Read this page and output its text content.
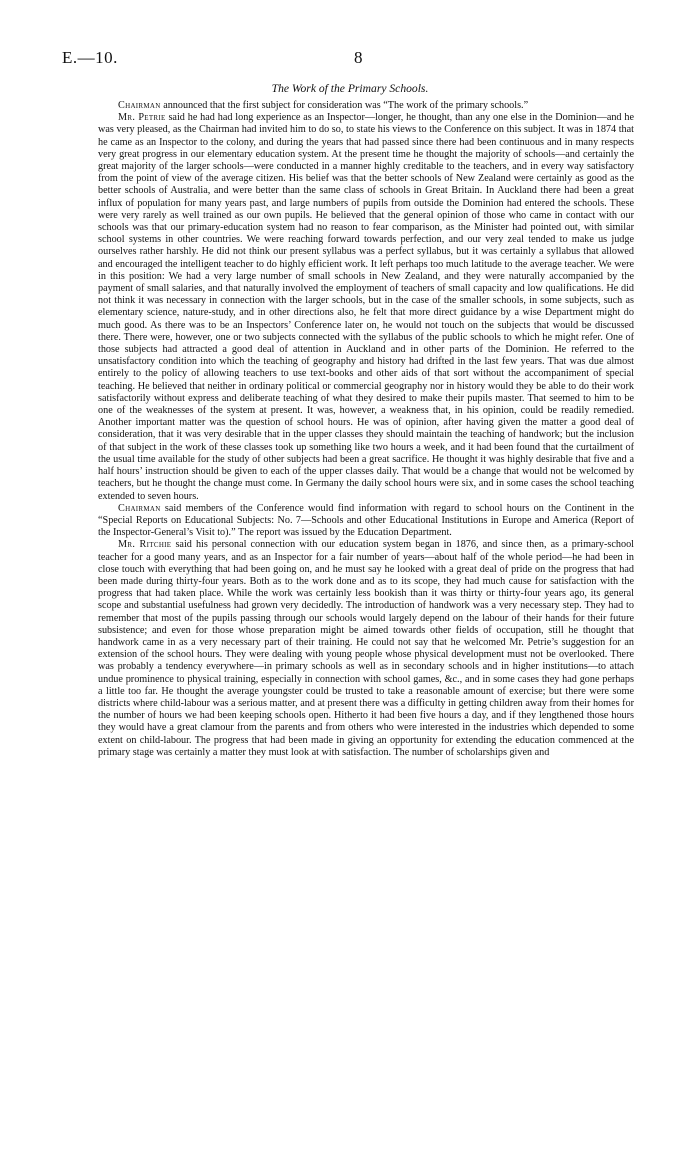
E.—10.	8
The Work of the Primary Schools.

Chairman announced that the first subject for consideration was “The work of the primary schools.”

Mr. Petrie said he had had long experience as an Inspector—longer, he thought, than any one else in the Dominion—and he was very pleased, as the Chairman had invited him to do so, to state his views to the Conference on this subject. It was in 1874 that he came as an Inspector to the colony, and during the years that had passed since there had been continuous and in many respects very great progress in our elementary education system. At the present time he thought the majority of schools—and certainly the great majority of the larger schools—were conducted in a manner highly creditable to the teachers, and in every way satisfactory from the point of view of the average citizen. His belief was that the better schools of New Zealand were certainly as good as the better schools of Australia, and were better than the same class of schools in Great Britain. In Auckland there had been a great influx of population for many years past, and large numbers of pupils from outside the Dominion had entered the schools. These were very rarely as well trained as our own pupils. He believed that the general opinion of those who came in contact with our schools was that our primary-education system had no reason to fear comparison, as the Minister had pointed out, with similar school systems in other countries. We were reaching forward towards perfection, and our very zeal tended to make us judge ourselves rather harshly. He did not think our present syllabus was a perfect syllabus, but it was certainly a syllabus that allowed and encouraged the intelligent teacher to do highly efficient work. It left perhaps too much latitude to the average teacher. We were in this position: We had a very large number of small schools in New Zealand, and they were naturally accompanied by the payment of small salaries, and that naturally involved the employment of teachers of small capacity and low qualifications. He did not think it was necessary in connection with the larger schools, but in the case of the smaller schools, in some subjects, such as elementary science, nature-study, and in other directions also, he felt that more direct guidance by a wise Department might do much good. As there was to be an Inspectors’ Conference later on, he would not touch on the subjects that would be discussed there. There were, however, one or two subjects connected with the syllabus of the public schools to which he might refer. One of those subjects had attracted a good deal of attention in Auckland and in other parts of the Dominion. He referred to the unsatisfactory condition into which the teaching of geography and history had drifted in the last few years. That was due almost entirely to the policy of allowing teachers to use text-books and other aids of that sort without the accompaniment of special teaching. He believed that neither in ordinary political or commercial geography nor in history would they be able to do their work satisfactorily without express and deliberate teaching of what they desired to make their pupils master. That seemed to him to be one of the weaknesses of the system at present. It was, however, a weakness that, in his opinion, could be readily remedied. Another important matter was the question of school hours. He was of opinion, after having given the matter a good deal of consideration, that it was very desirable that in the upper classes they should maintain the teaching of handwork; but the inclusion of that subject in the work of these classes took up something like two hours a week, and it had been found that the curtailment of the usual time available for the study of other subjects had been a great sacrifice. He thought it was highly desirable that five and a half hours’ instruction should be given to each of the upper classes daily. That would be a change that would not be welcomed by teachers, but he thought the change must come. In Germany the daily school hours were six, and in some cases the school teaching extended to seven hours.

Chairman said members of the Conference would find information with regard to school hours on the Continent in the “Special Reports on Educational Subjects: No. 7—Schools and other Educational Institutions in Europe and America (Report of the Inspector-General’s Visit to).” The report was issued by the Education Department.

Mr. Ritchie said his personal connection with our education system began in 1876, and since then, as a primary-school teacher for a good many years, and as an Inspector for a fair number of years—about half of the whole period—he had been in close touch with everything that had been going on, and he must say he looked with a great deal of pride on the progress that had been made during thirty-four years. Both as to the work done and as to its scope, they had much cause for satisfaction with the progress that had taken place. While the work was certainly less bookish than it was thirty or thirty-four years ago, its general scope and substantial usefulness had grown very decidedly. The introduction of handwork was a very necessary step. They had to remember that most of the pupils passing through our schools would largely depend on the labour of their hands for their future subsistence; and even for those whose preparation might be aimed towards other fields of occupation, still he thought that handwork came in as a very necessary part of their training. He could not say that he welcomed Mr. Petrie’s suggestion for an extension of the school hours. They were dealing with young people whose physical development must not be overlooked. There was probably a tendency everywhere—in primary schools as well as in secondary schools and in higher institutions—to attach undue prominence to physical training, especially in connection with school games, &c., and in some cases they had gone perhaps a little too far. He thought the average youngster could be trusted to take a reasonable amount of exercise; but there were some districts where child-labour was a serious matter, and at present there was a difficulty in getting children away from their homes for the number of hours we had been keeping schools open. Hitherto it had been five hours a day, and if they lengthened those hours they would have a great clamour from the parents and from others who were interested in the industries which depended to some extent on child-labour. The progress that had been made in giving an opportunity for extending the education commenced at the primary stage was certainly a matter they must look at with satisfaction. The number of scholarships given and
